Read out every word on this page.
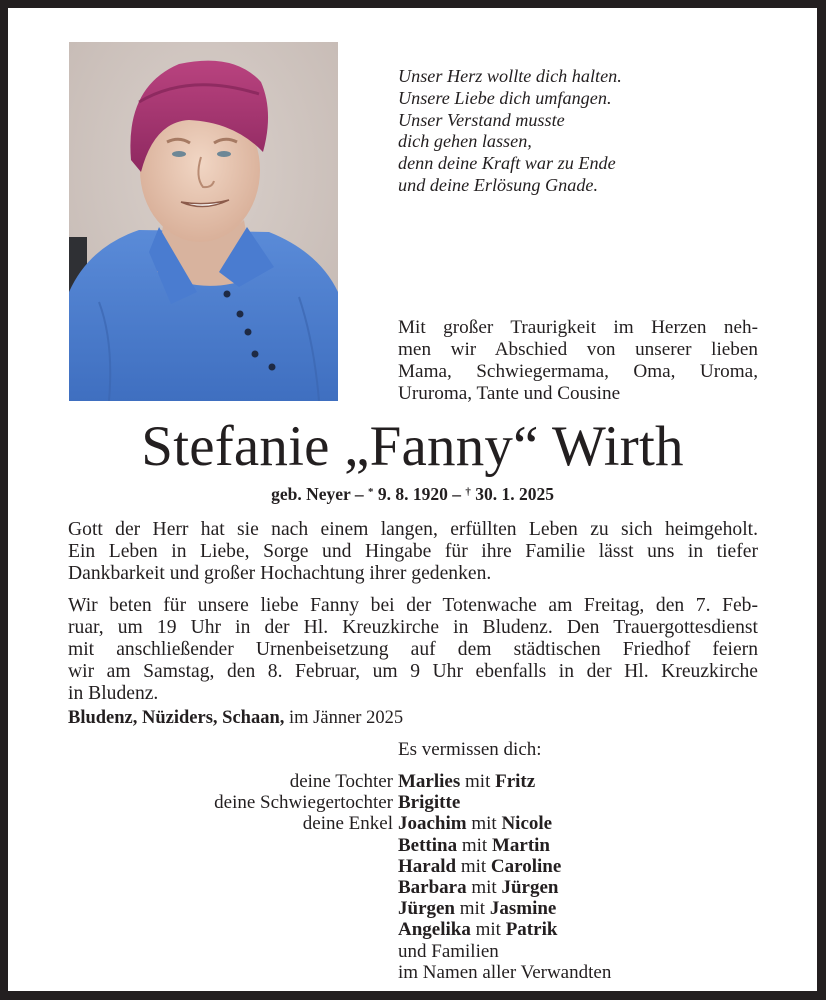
Unser Herz wollte dich halten.
Unsere Liebe dich umfangen.
Unser Verstand musste
dich gehen lassen,
denn deine Kraft war zu Ende
und deine Erlösung Gnade.
Mit großer Traurigkeit im Herzen neh-
men wir Abschied von unserer lieben
Mama, Schwiegermama, Oma, Uroma,
Ururoma, Tante und Cousine
Stefanie „Fanny“ Wirth
geb. Neyer – * 9. 8. 1920 – † 30. 1. 2025
Gott der Herr hat sie nach einem langen, erfüllten Leben zu sich heimgeholt.
Ein Leben in Liebe, Sorge und Hingabe für ihre Familie lässt uns in tiefer
Dankbarkeit und großer Hochachtung ihrer gedenken.
Wir beten für unsere liebe Fanny bei der Totenwache am Freitag, den 7. Feb-
ruar, um 19 Uhr in der Hl. Kreuzkirche in Bludenz. Den Trauergottesdienst
mit anschließender Urnenbeisetzung auf dem städtischen Friedhof feiern
wir am Samstag, den 8. Februar, um 9 Uhr ebenfalls in der Hl. Kreuzkirche
in Bludenz.
Bludenz, Nüziders, Schaan, im Jänner 2025
Es vermissen dich:
deine Tochter Marlies mit Fritz
deine Schwiegertochter Brigitte
deine Enkel Joachim mit Nicole
Bettina mit Martin
Harald mit Caroline
Barbara mit Jürgen
Jürgen mit Jasmine
Angelika mit Patrik
und Familien
im Namen aller Verwandten
